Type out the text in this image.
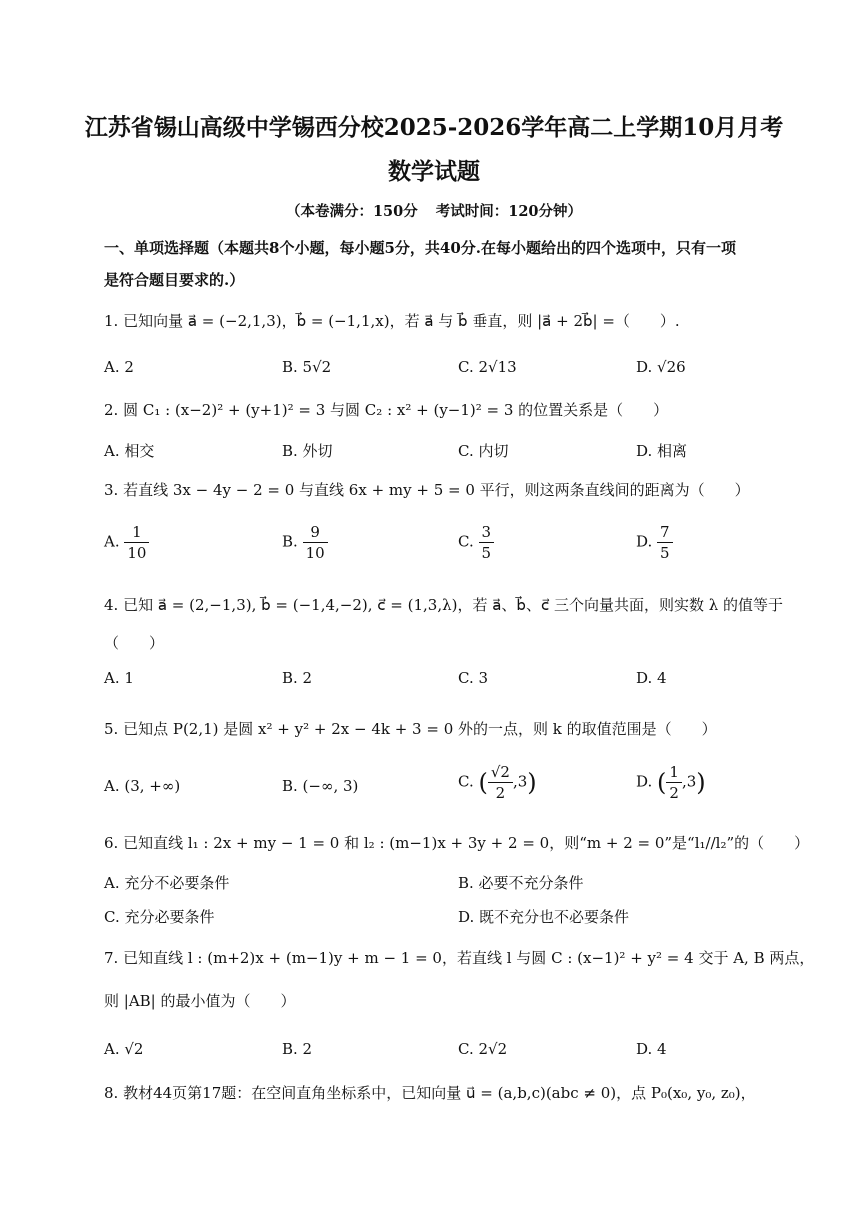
江苏省锡山高级中学锡西分校2025-2026学年高二上学期10月月考
数学试题
（本卷满分：150分 考试时间：120分钟）
一、单项选择题（本题共8个小题，每小题5分，共40分.在每小题给出的四个选项中，只有一项
是符合题目要求的.）
1. 已知向量 a⃗ = (−2,1,3)，b⃗ = (−1,1,x)，若 a⃗ 与 b⃗ 垂直，则 |a⃗ + 2b⃗| =（　　）.
A. 2	B. 5√2	C. 2√13	D. √26
2. 圆 C₁ : (x−2)² + (y+1)² = 3 与圆 C₂ : x² + (y−1)² = 3 的位置关系是（　　）
A. 相交	B. 外切	C. 内切	D. 相离
3. 若直线 3x − 4y − 2 = 0 与直线 6x + my + 5 = 0 平行，则这两条直线间的距离为（　　）
A. $\frac{1}{10}$	B. $\frac{9}{10}$	C. $\frac{3}{5}$	D. $\frac{7}{5}$
4. 已知 a⃗ = (2,−1,3), b⃗ = (−1,4,−2), c⃗ = (1,3,λ)，若 a⃗、b⃗、c⃗ 三个向量共面，则实数 λ 的值等于
（　　）
A. 1	B. 2	C. 3	D. 4
5. 已知点 P(2,1) 是圆 x² + y² + 2x − 4k + 3 = 0 外的一点，则 k 的取值范围是（　　）
A. (3, +∞)	B. (−∞, 3)	C. ( $\frac{√2}{2} ,3$)	D. ( $\frac{1}{2} ,3$)
6. 已知直线 l₁ : 2x + my − 1 = 0 和 l₂ : (m−1)x + 3y + 2 = 0，则“m + 2 = 0”是“l₁//l₂”的（　　）
A. 充分不必要条件	B. 必要不充分条件
C. 充分必要条件	D. 既不充分也不必要条件
7. 已知直线 l : (m+2)x + (m−1)y + m − 1 = 0，若直线 l 与圆 C : (x−1)² + y² = 4 交于 A, B 两点，
则 |AB| 的最小值为（　　）
A. √2	B. 2	C. 2√2	D. 4
8. 教材44页第17题：在空间直角坐标系中，已知向量 u⃗ = (a,b,c)(abc ≠ 0)，点 P₀(x₀, y₀, z₀)，
